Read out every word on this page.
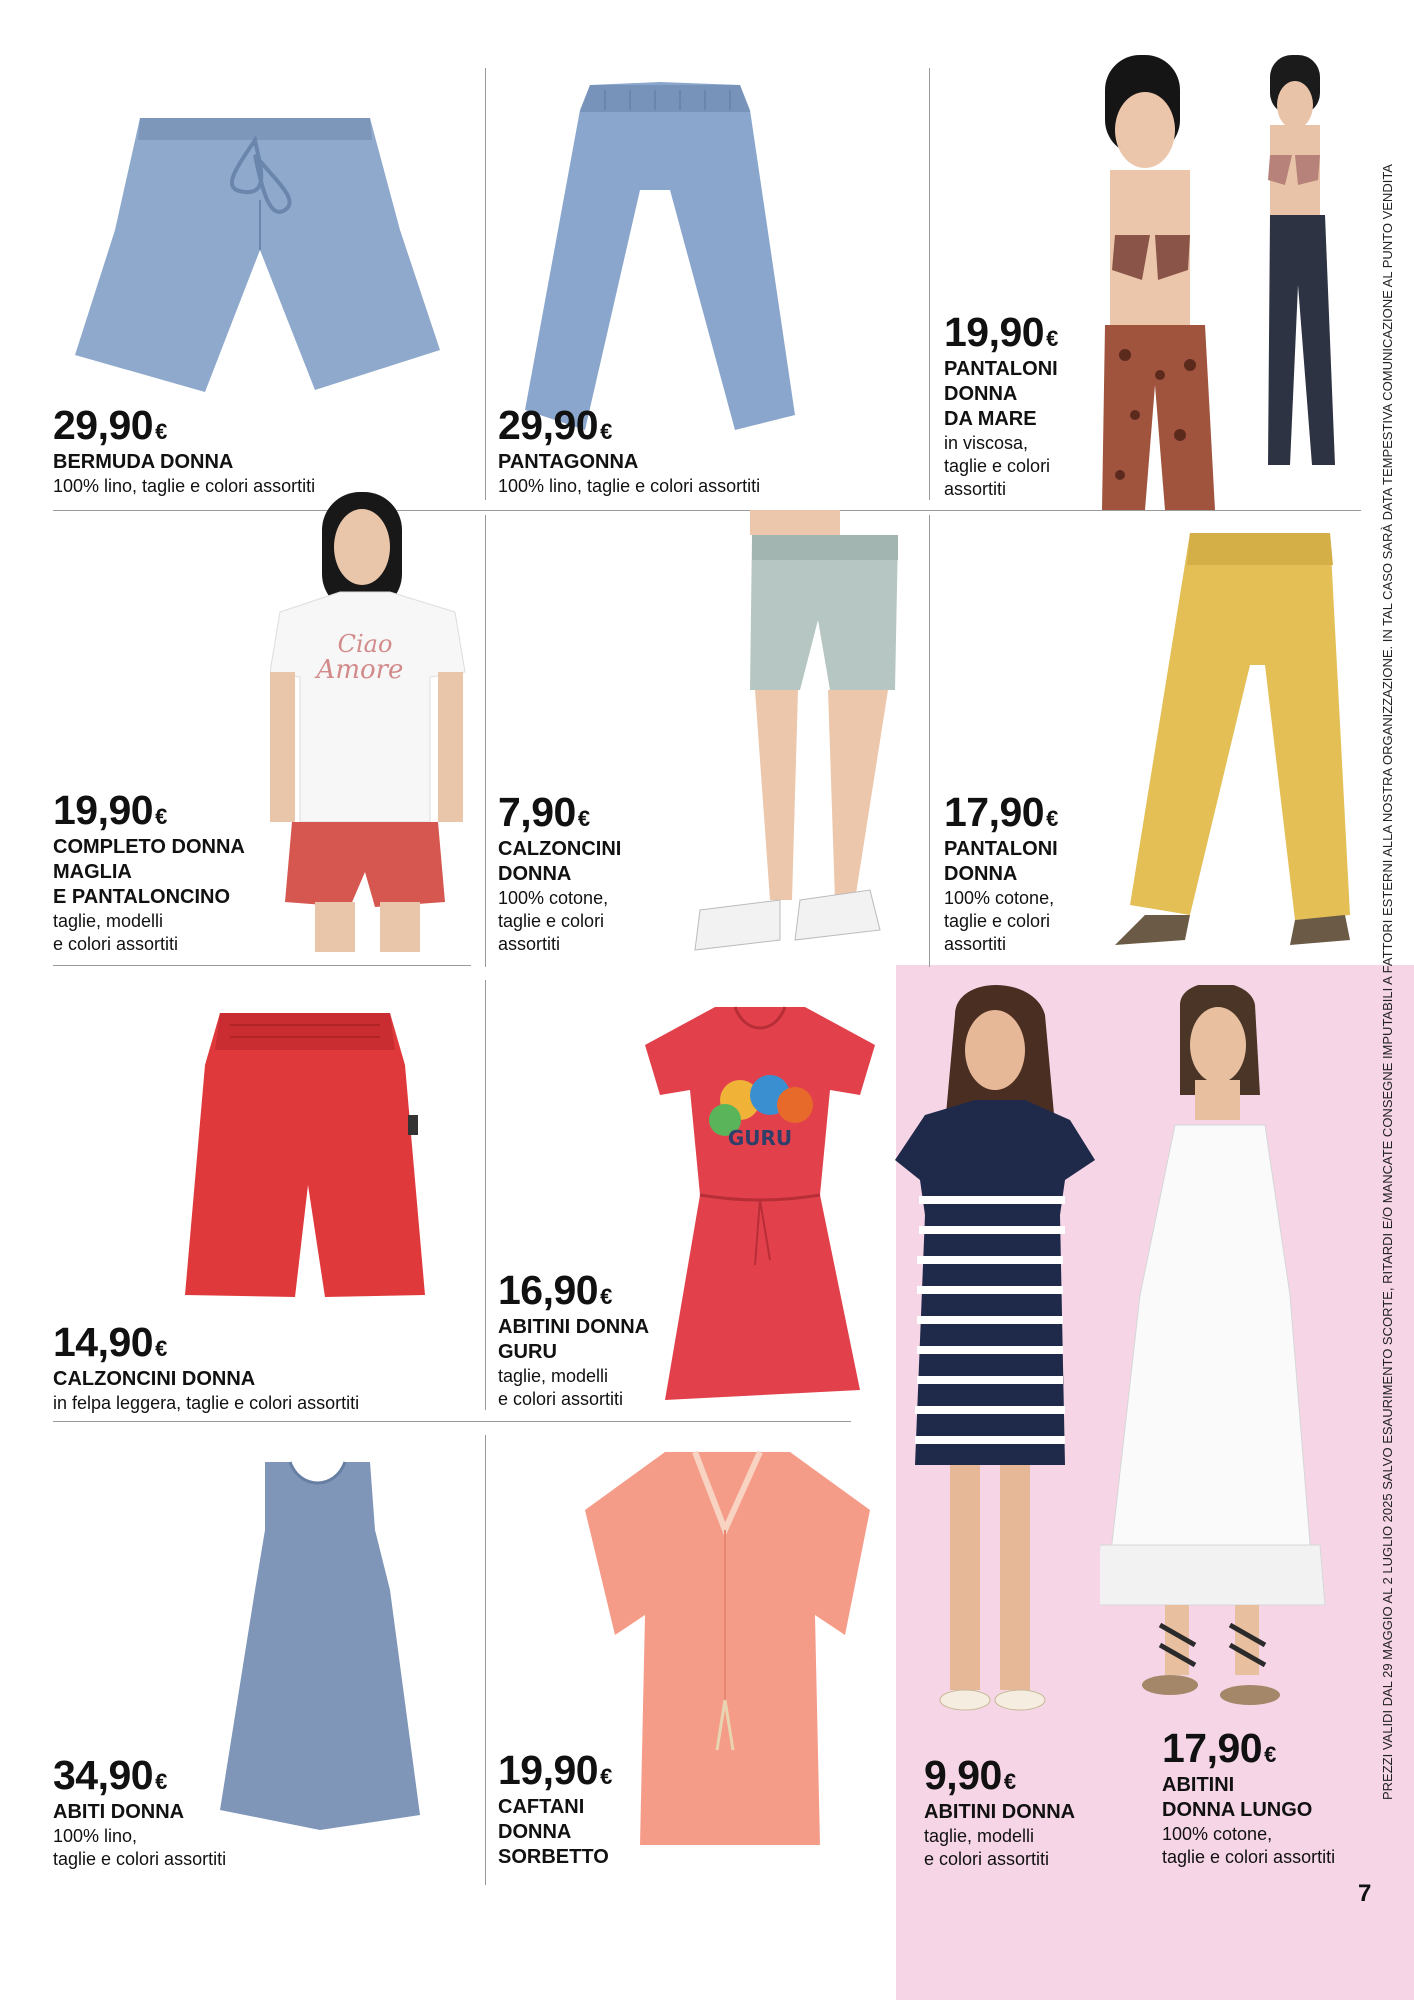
Ciao
Amore
GURU
29,90€
BERMUDA DONNA
100% lino, taglie e colori assortiti
29,90€
PANTAGONNA
100% lino, taglie e colori assortiti
19,90€
PANTALONI
DONNA
DA MARE
in viscosa,
taglie e colori
assortiti
19,90€
COMPLETO DONNA
MAGLIA
E PANTALONCINO
taglie, modelli
e colori assortiti
7,90€
CALZONCINI
DONNA
100% cotone,
taglie e colori
assortiti
17,90€
PANTALONI
DONNA
100% cotone,
taglie e colori
assortiti
14,90€
CALZONCINI DONNA
in felpa leggera, taglie e colori assortiti
16,90€
ABITINI DONNA
GURU
taglie, modelli
e colori assortiti
34,90€
ABITI DONNA
100% lino,
taglie e colori assortiti
19,90€
CAFTANI
DONNA
SORBETTO
9,90€
ABITINI DONNA
taglie, modelli
e colori assortiti
17,90€
ABITINI
DONNA LUNGO
100% cotone,
taglie e colori assortiti
PREZZI VALIDI DAL 29 MAGGIO AL 2 LUGLIO 2025 SALVO ESAURIMENTO SCORTE, RITARDI E/O MANCATE CONSEGNE IMPUTABILI A FATTORI ESTERNI ALLA NOSTRA ORGANIZZAZIONE. IN TAL CASO SARÀ DATA TEMPESTIVA COMUNICAZIONE AL PUNTO VENDITA
7
